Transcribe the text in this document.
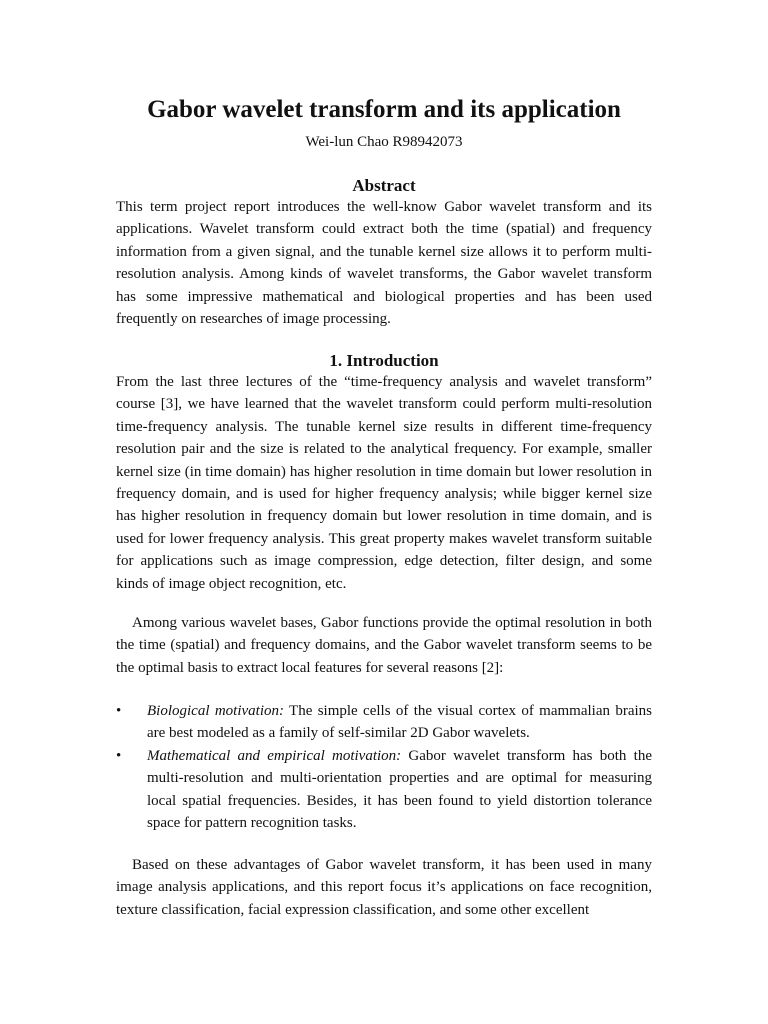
Gabor wavelet transform and its application
Wei-lun Chao R98942073
Abstract
This term project report introduces the well-know Gabor wavelet transform and its applications. Wavelet transform could extract both the time (spatial) and frequency information from a given signal, and the tunable kernel size allows it to perform multi-resolution analysis. Among kinds of wavelet transforms, the Gabor wavelet transform has some impressive mathematical and biological properties and has been used frequently on researches of image processing.
1. Introduction
From the last three lectures of the “time-frequency analysis and wavelet transform” course [3], we have learned that the wavelet transform could perform multi-resolution time-frequency analysis. The tunable kernel size results in different time-frequency resolution pair and the size is related to the analytical frequency. For example, smaller kernel size (in time domain) has higher resolution in time domain but lower resolution in frequency domain, and is used for higher frequency analysis; while bigger kernel size has higher resolution in frequency domain but lower resolution in time domain, and is used for lower frequency analysis. This great property makes wavelet transform suitable for applications such as image compression, edge detection, filter design, and some kinds of image object recognition, etc.
Among various wavelet bases, Gabor functions provide the optimal resolution in both the time (spatial) and frequency domains, and the Gabor wavelet transform seems to be the optimal basis to extract local features for several reasons [2]:
•	Biological motivation: The simple cells of the visual cortex of mammalian brains are best modeled as a family of self-similar 2D Gabor wavelets.
•	Mathematical and empirical motivation: Gabor wavelet transform has both the multi-resolution and multi-orientation properties and are optimal for measuring local spatial frequencies. Besides, it has been found to yield distortion tolerance space for pattern recognition tasks.
Based on these advantages of Gabor wavelet transform, it has been used in many image analysis applications, and this report focus it’s applications on face recognition, texture classification, facial expression classification, and some other excellent
